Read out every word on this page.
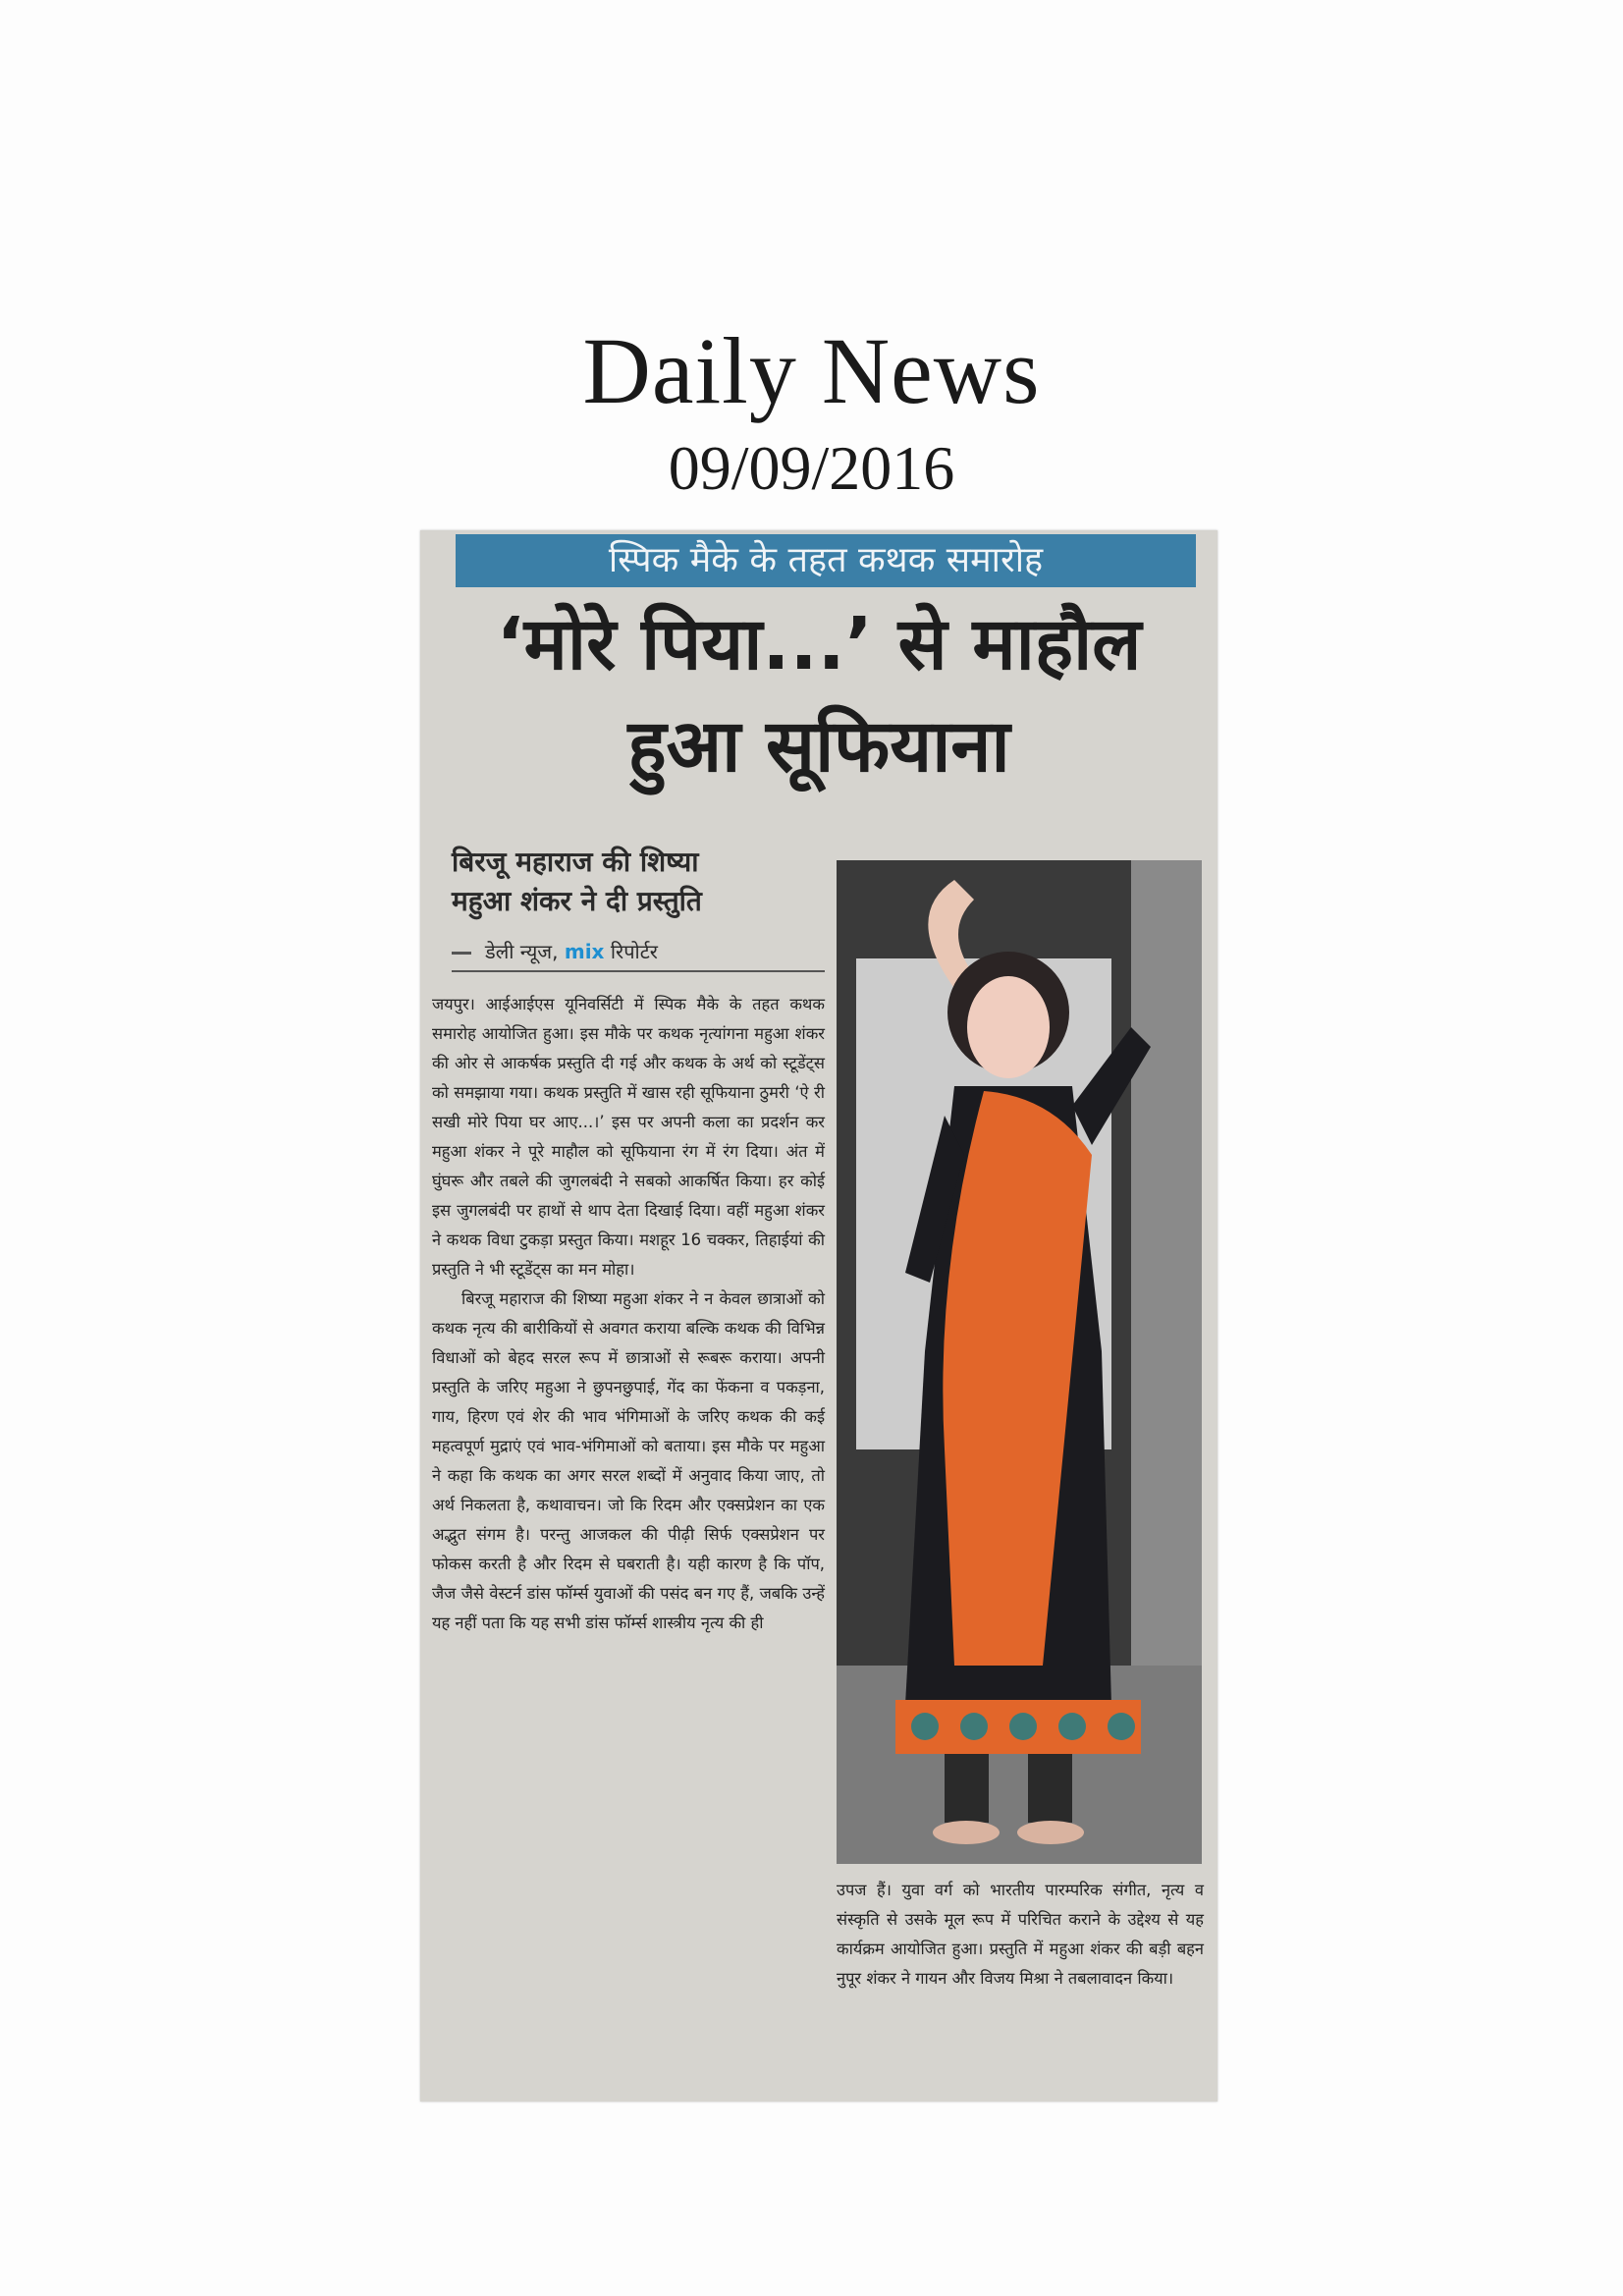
Daily News
09/09/2016
स्पिक मैके के तहत कथक समारोह
‘मोरे पिया...’ से माहौल
हुआ सूफियाना
बिरजू महाराज की शिष्या
महुआ शंकर ने दी प्रस्तुति
डेली न्यूज, mix रिपोर्टर

जयपुर। आईआईएस यूनिवर्सिटी में स्पिक मैके के तहत कथक समारोह आयोजित हुआ। इस मौके पर कथक नृत्यांगना महुआ शंकर की ओर से आकर्षक प्रस्तुति दी गई और कथक के अर्थ को स्टूडेंट्स को समझाया गया। कथक प्रस्तुति में खास रही सूफियाना ठुमरी ‘ऐ री सखी मोरे पिया घर आए...।’ इस पर अपनी कला का प्रदर्शन कर महुआ शंकर ने पूरे माहौल को सूफियाना रंग में रंग दिया। अंत में घुंघरू और तबले की जुगलबंदी ने सबको आकर्षित किया। हर कोई इस जुगलबंदी पर हाथों से थाप देता दिखाई दिया। वहीं महुआ शंकर ने कथक विधा टुकड़ा प्रस्तुत किया। मशहूर 16 चक्कर, तिहाईयां की प्रस्तुति ने भी स्टूडेंट्स का मन मोहा।

बिरजू महाराज की शिष्या महुआ शंकर ने न केवल छात्राओं को कथक नृत्य की बारीकियों से अवगत कराया बल्कि कथक की विभिन्न विधाओं को बेहद सरल रूप में छात्राओं से रूबरू कराया। अपनी प्रस्तुति के जरिए महुआ ने छुपनछुपाई, गेंद का फेंकना व पकड़ना, गाय, हिरण एवं शेर की भाव भंगिमाओं के जरिए कथक की कई महत्वपूर्ण मुद्राएं एवं भाव-भंगिमाओं को बताया। इस मौके पर महुआ ने कहा कि कथक का अगर सरल शब्दों में अनुवाद किया जाए, तो अर्थ निकलता है, कथावाचन। जो कि रिदम और एक्सप्रेशन का एक अद्भुत संगम है। परन्तु आजकल की पीढ़ी सिर्फ एक्सप्रेशन पर फोकस करती है और रिदम से घबराती है। यही कारण है कि पॉप, जैज जैसे वेस्टर्न डांस फॉर्म्स युवाओं की पसंद बन गए हैं, जबकि उन्हें यह नहीं पता कि यह सभी डांस फॉर्म्स शास्त्रीय नृत्य की ही

उपज हैं। युवा वर्ग को भारतीय पारम्परिक संगीत, नृत्य व संस्कृति से उसके मूल रूप में परिचित कराने के उद्देश्य से यह कार्यक्रम आयोजित हुआ। प्रस्तुति में महुआ शंकर की बड़ी बहन नुपूर शंकर ने गायन और विजय मिश्रा ने तबलावादन किया।
